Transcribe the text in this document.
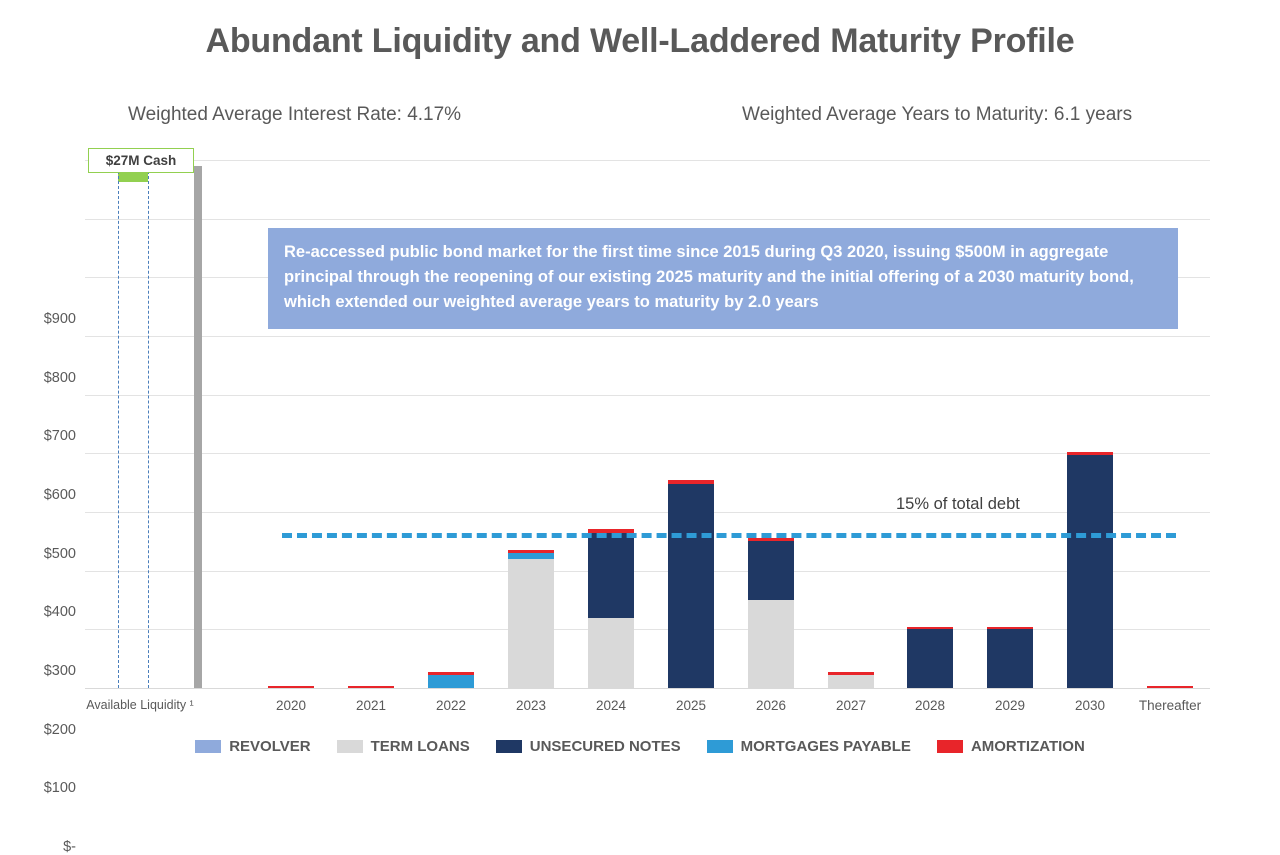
Abundant Liquidity and Well-Laddered Maturity Profile
Weighted Average Interest Rate: 4.17%	Weighted Average Years to Maturity: 6.1 years
$-
$100
$200
$300
$400
$500
$600
$700
$800
$900
Available Liquidity ¹	2020	2021	2022	2023	2024	2025	2026	2027	2028	2029	2030	Thereafter
$27M Cash
Re-accessed public bond market for the first time since 2015 during Q3 2020, issuing $500M in aggregate principal through the reopening of our existing 2025 maturity and the initial offering of a 2030 maturity bond, which extended our weighted average years to maturity by 2.0 years
15% of total debt
REVOLVER	TERM LOANS	UNSECURED NOTES	MORTGAGES PAYABLE	AMORTIZATION
